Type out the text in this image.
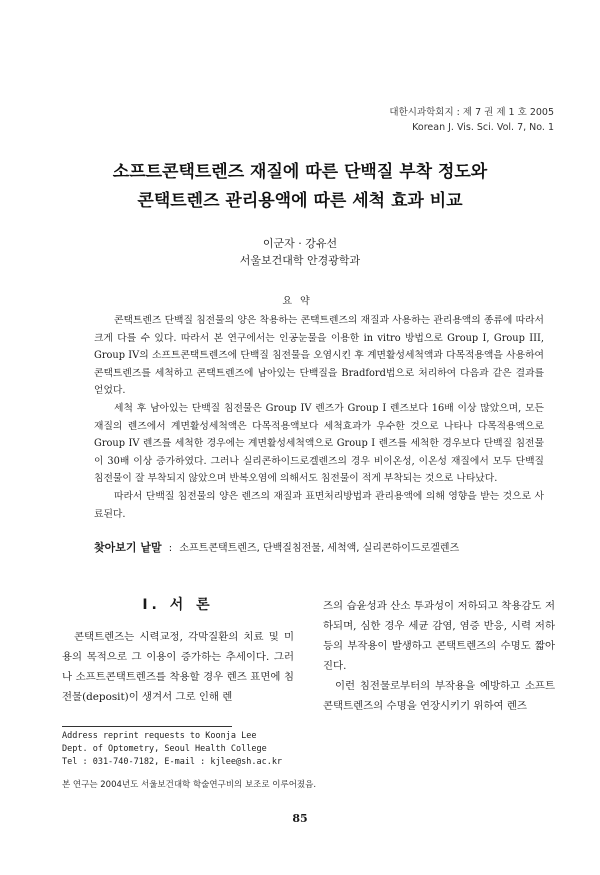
대한시과학회지 : 제 7 권 제 1 호 2005
Korean J. Vis. Sci. Vol. 7, No. 1
소프트콘택트렌즈 재질에 따른 단백질 부착 정도와
콘택트렌즈 관리용액에 따른 세척 효과 비교
이군자 · 강유선
서울보건대학 안경광학과
요약

콘택트렌즈 단백질 침전물의 양은 착용하는 콘택트렌즈의 재질과 사용하는 관리용액의 종류에 따라서 크게 다를 수 있다. 따라서 본 연구에서는 인공눈물을 이용한 in vitro 방법으로 Group I, Group III, Group IV의 소프트콘택트렌즈에 단백질 침전물을 오염시킨 후 계면활성세척액과 다목적용액을 사용하여 콘택트렌즈를 세척하고 콘택트렌즈에 남아있는 단백질을 Bradford법으로 처리하여 다음과 같은 결과를 얻었다.

세척 후 남아있는 단백질 침전물은 Group IV 렌즈가 Group I 렌즈보다 16배 이상 많았으며, 모든 재질의 렌즈에서 계면활성세척액은 다목적용액보다 세척효과가 우수한 것으로 나타나 다목적용액으로 Group IV 렌즈를 세척한 경우에는 계면활성세척액으로 Group I 렌즈를 세척한 경우보다 단백질 침전물이 30배 이상 증가하였다. 그러나 실리콘하이드로겔렌즈의 경우 비이온성, 이온성 재질에서 모두 단백질 침전물이 잘 부착되지 않았으며 반복오염에 의해서도 침전물이 적게 부착되는 것으로 나타났다.

따라서 단백질 침전물의 양은 렌즈의 재질과 표면처리방법과 관리용액에 의해 영향을 받는 것으로 사료된다.

찾아보기 낱말 : 소프트콘택트렌즈, 단백질침전물, 세척액, 실리콘하이드로겔렌즈
I. 서 론

콘택트렌즈는 시력교정, 각막질환의 치료 및 미용의 목적으로 그 이용이 증가하는 추세이다. 그러나 소프트콘택트렌즈를 착용할 경우 렌즈 표면에 침전물(deposit)이 생겨서 그로 인해 렌

즈의 습윤성과 산소 투과성이 저하되고 착용감도 저하되며, 심한 경우 세균 감염, 염증 반응, 시력 저하 등의 부작용이 발생하고 콘택트렌즈의 수명도 짧아진다.

이런 침전물로부터의 부작용을 예방하고 소프트콘택트렌즈의 수명을 연장시키기 위하여 렌즈

Address reprint requests to Koonja Lee
Dept. of Optometry, Seoul Health College
Tel : 031-740-7182, E-mail : kjlee@sh.ac.kr
본 연구는 2004년도 서울보건대학 학술연구비의 보조로 이루어졌음.
85
